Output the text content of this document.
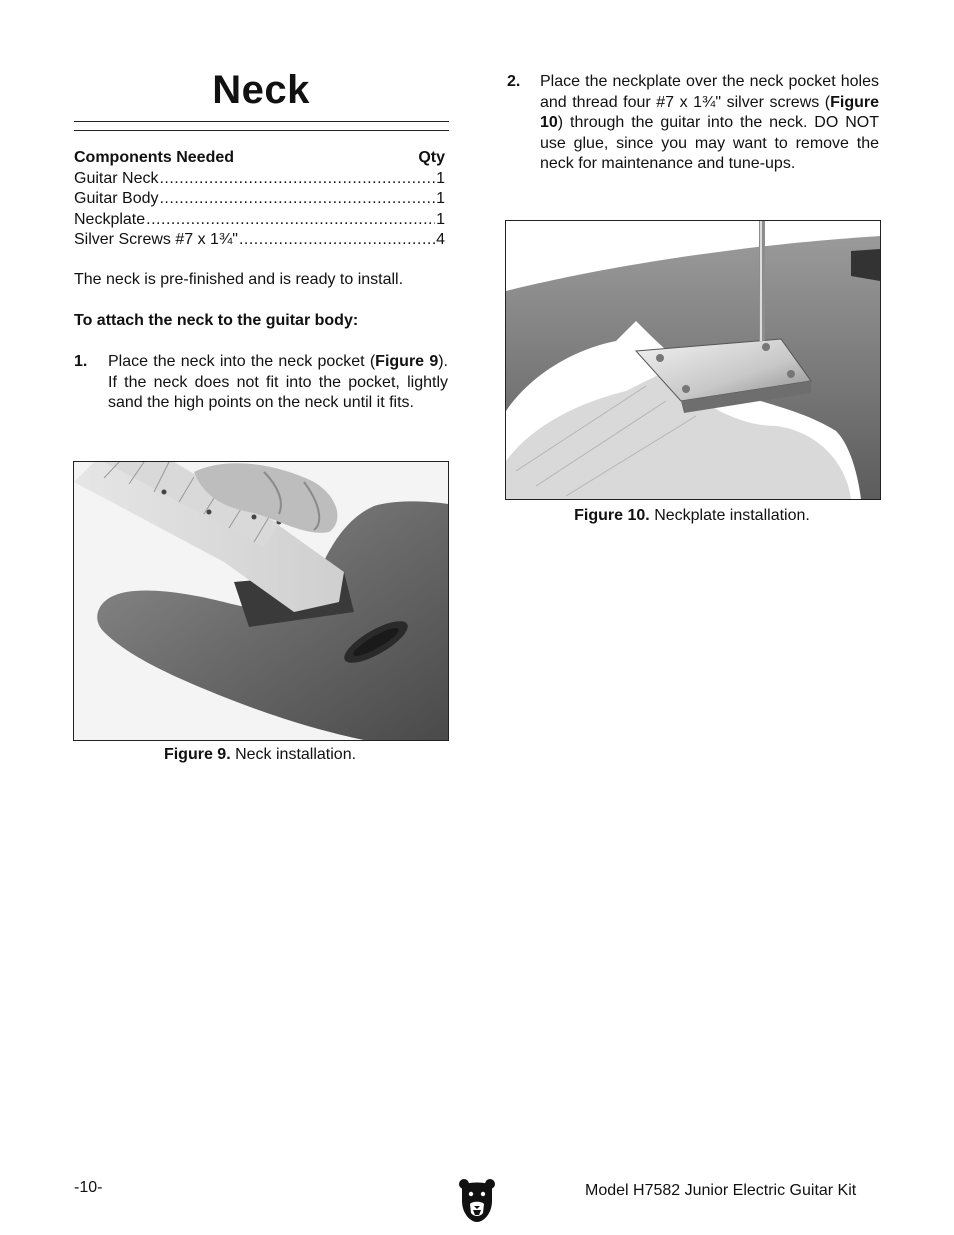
Neck
Components Needed	Qty
Guitar Neck .....	1
Guitar Body .....	1
Neckplate .....	1
Silver Screws #7 x 1¾" .....	4
The neck is pre-finished and is ready to install.
To attach the neck to the guitar body:
1. Place the neck into the neck pocket (Figure 9). If the neck does not fit into the pocket, lightly sand the high points on the neck until it fits.
Figure 9. Neck installation.
2. Place the neckplate over the neck pocket holes and thread four #7 x 1¾" silver screws (Figure 10) through the guitar into the neck. DO NOT use glue, since you may want to remove the neck for maintenance and tune-ups.
Figure 10. Neckplate installation.
-10-	Model H7582 Junior Electric Guitar Kit
